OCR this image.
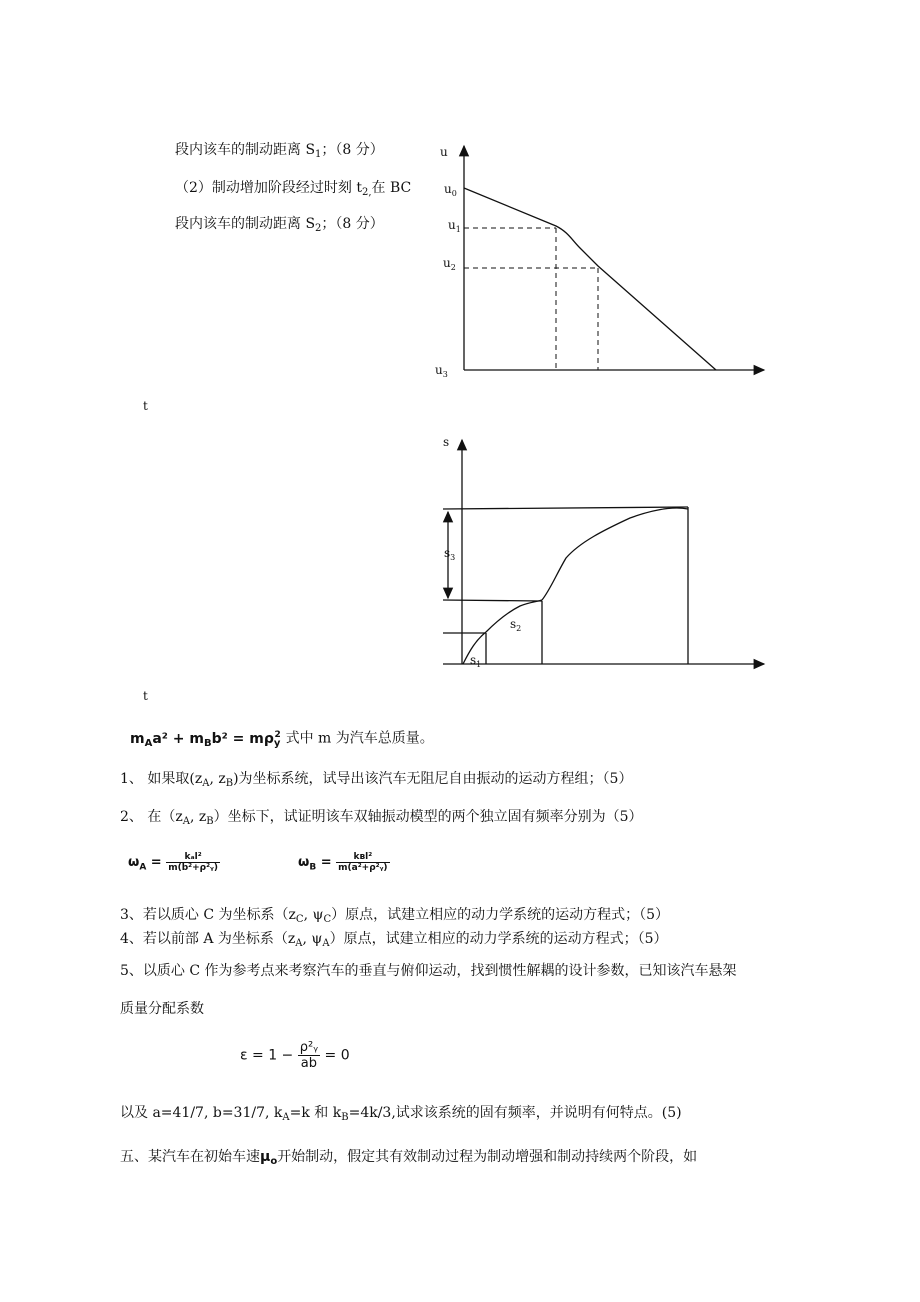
段内该车的制动距离 $S_1$；（8 分）
（2）制动增加阶段经过时刻 $t_{2,}$在 BC
段内该车的制动距离 $S_2$；（8 分）
u
$u_0$
$u_1$
$u_2$
$u_3$
t
s
$s_3$
$s_2$
$s_1$
t
$m_Aa^2 + m_Bb^2 = m\rho_y^2$ 式中 m 为汽车总质量。
1、 如果取($z_A$, $z_B$)为坐标系统，试导出该汽车无阻尼自由振动的运动方程组；（5）
2、 在（$z_A$, $z_B$）坐标下，试证明该车双轴振动模型的两个独立固有频率分别为（5）
$\omega_A = \frac{\text{kₐl²}}{\text{m(b²+ρ²ᵧ)}}$	$\omega_B = \frac{\text{kʙl²}}{\text{m(a²+ρ²ᵧ)}}$
3、若以质心 C 为坐标系（$z_C$, $\psi_C$）原点，试建立相应的动力学系统的运动方程式；（5）
4、若以前部 A 为坐标系（$z_A$, $\psi_A$）原点，试建立相应的动力学系统的运动方程式；（5）
5、以质心 C 作为参考点来考察汽车的垂直与俯仰运动，找到惯性解耦的设计参数，已知该汽车悬架
质量分配系数
$\varepsilon = 1 - \frac{\text{ρ²ᵧ}}{ab} = 0$
以及 a=41/7, b=31/7, $k_A=k$ 和 $k_B=4k/3$,试求该系统的固有频率，并说明有何特点。(5)
五、某汽车在初始车速$\mu_o$开始制动，假定其有效制动过程为制动增强和制动持续两个阶段，如
